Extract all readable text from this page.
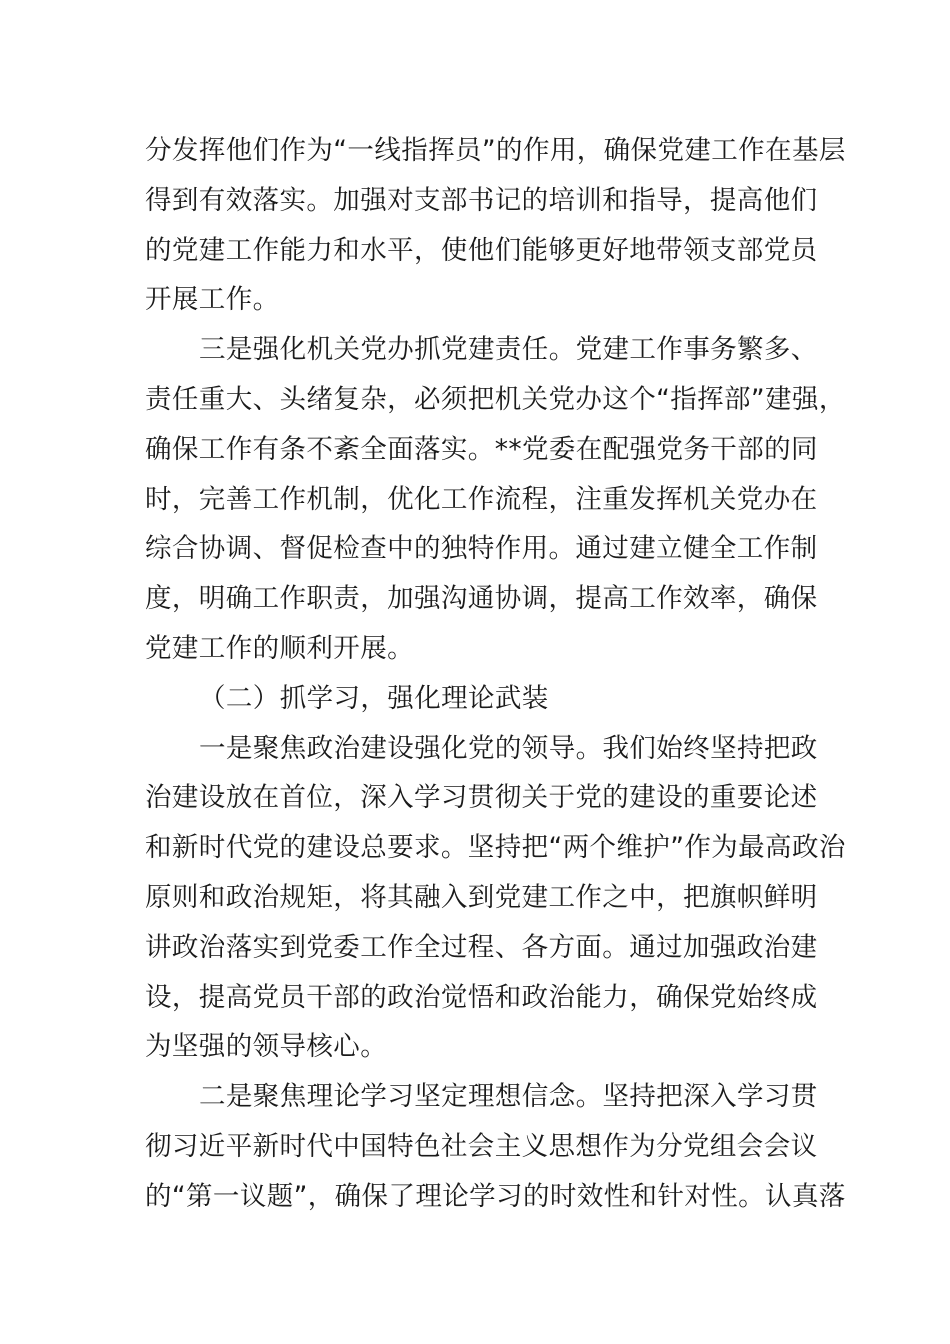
分发挥他们作为“一线指挥员”的作用，确保党建工作在基层
得到有效落实。加强对支部书记的培训和指导，提高他们
的党建工作能力和水平，使他们能够更好地带领支部党员
开展工作。
三是强化机关党办抓党建责任。党建工作事务繁多、
责任重大、头绪复杂，必须把机关党办这个“指挥部”建强，
确保工作有条不紊全面落实。**党委在配强党务干部的同
时，完善工作机制，优化工作流程，注重发挥机关党办在
综合协调、督促检查中的独特作用。通过建立健全工作制
度，明确工作职责，加强沟通协调，提高工作效率，确保
党建工作的顺利开展。
（二）抓学习，强化理论武装
一是聚焦政治建设强化党的领导。我们始终坚持把政
治建设放在首位，深入学习贯彻关于党的建设的重要论述
和新时代党的建设总要求。坚持把“两个维护”作为最高政治
原则和政治规矩，将其融入到党建工作之中，把旗帜鲜明
讲政治落实到党委工作全过程、各方面。通过加强政治建
设，提高党员干部的政治觉悟和政治能力，确保党始终成
为坚强的领导核心。
二是聚焦理论学习坚定理想信念。坚持把深入学习贯
彻习近平新时代中国特色社会主义思想作为分党组会会议
的“第一议题”，确保了理论学习的时效性和针对性。认真落
